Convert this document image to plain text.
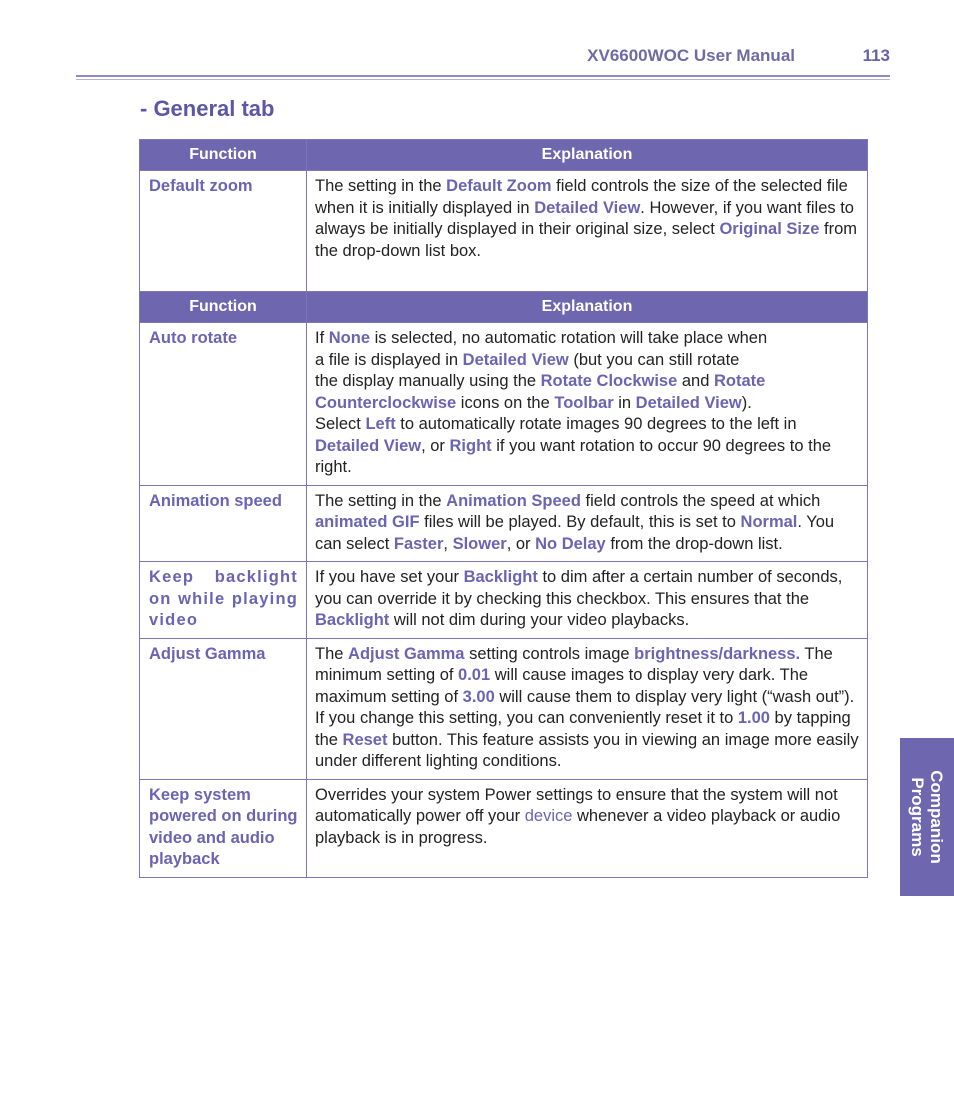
XV6600WOC User Manual	113
- General tab
Function	Explanation
Default zoom	The setting in the Default Zoom field controls the size of the selected file when it is initially displayed in Detailed View. However, if you want files to always be initially displayed in their original size, select Original Size from the drop-down list box.
Function	Explanation
Auto rotate	If None is selected, no automatic rotation will take place when
a file is displayed in Detailed View (but you can still rotate
the display manually using the Rotate Clockwise and Rotate Counterclockwise icons on the Toolbar in Detailed View).
Select Left to automatically rotate images 90 degrees to the left in Detailed View, or Right if you want rotation to occur 90 degrees to the right.
Animation speed	The setting in the Animation Speed field controls the speed at which animated GIF files will be played. By default, this is set to Normal. You can select Faster, Slower, or No Delay from the drop-down list.
Keep backlight on while playing video	If you have set your Backlight to dim after a certain number of seconds, you can override it by checking this checkbox. This ensures that the Backlight will not dim during your video playbacks.
Adjust Gamma	The Adjust Gamma setting controls image brightness/darkness. The minimum setting of 0.01 will cause images to display very dark. The maximum setting of 3.00 will cause them to display very light (“wash out”). If you change this setting, you can conveniently reset it to 1.00 by tapping the Reset button. This feature assists you in viewing an image more easily under different lighting conditions.
Keep system powered on during video and audio playback	Overrides your system Power settings to ensure that the system will not automatically power off your device whenever a video playback or audio playback is in progress.	Companion
Programs
